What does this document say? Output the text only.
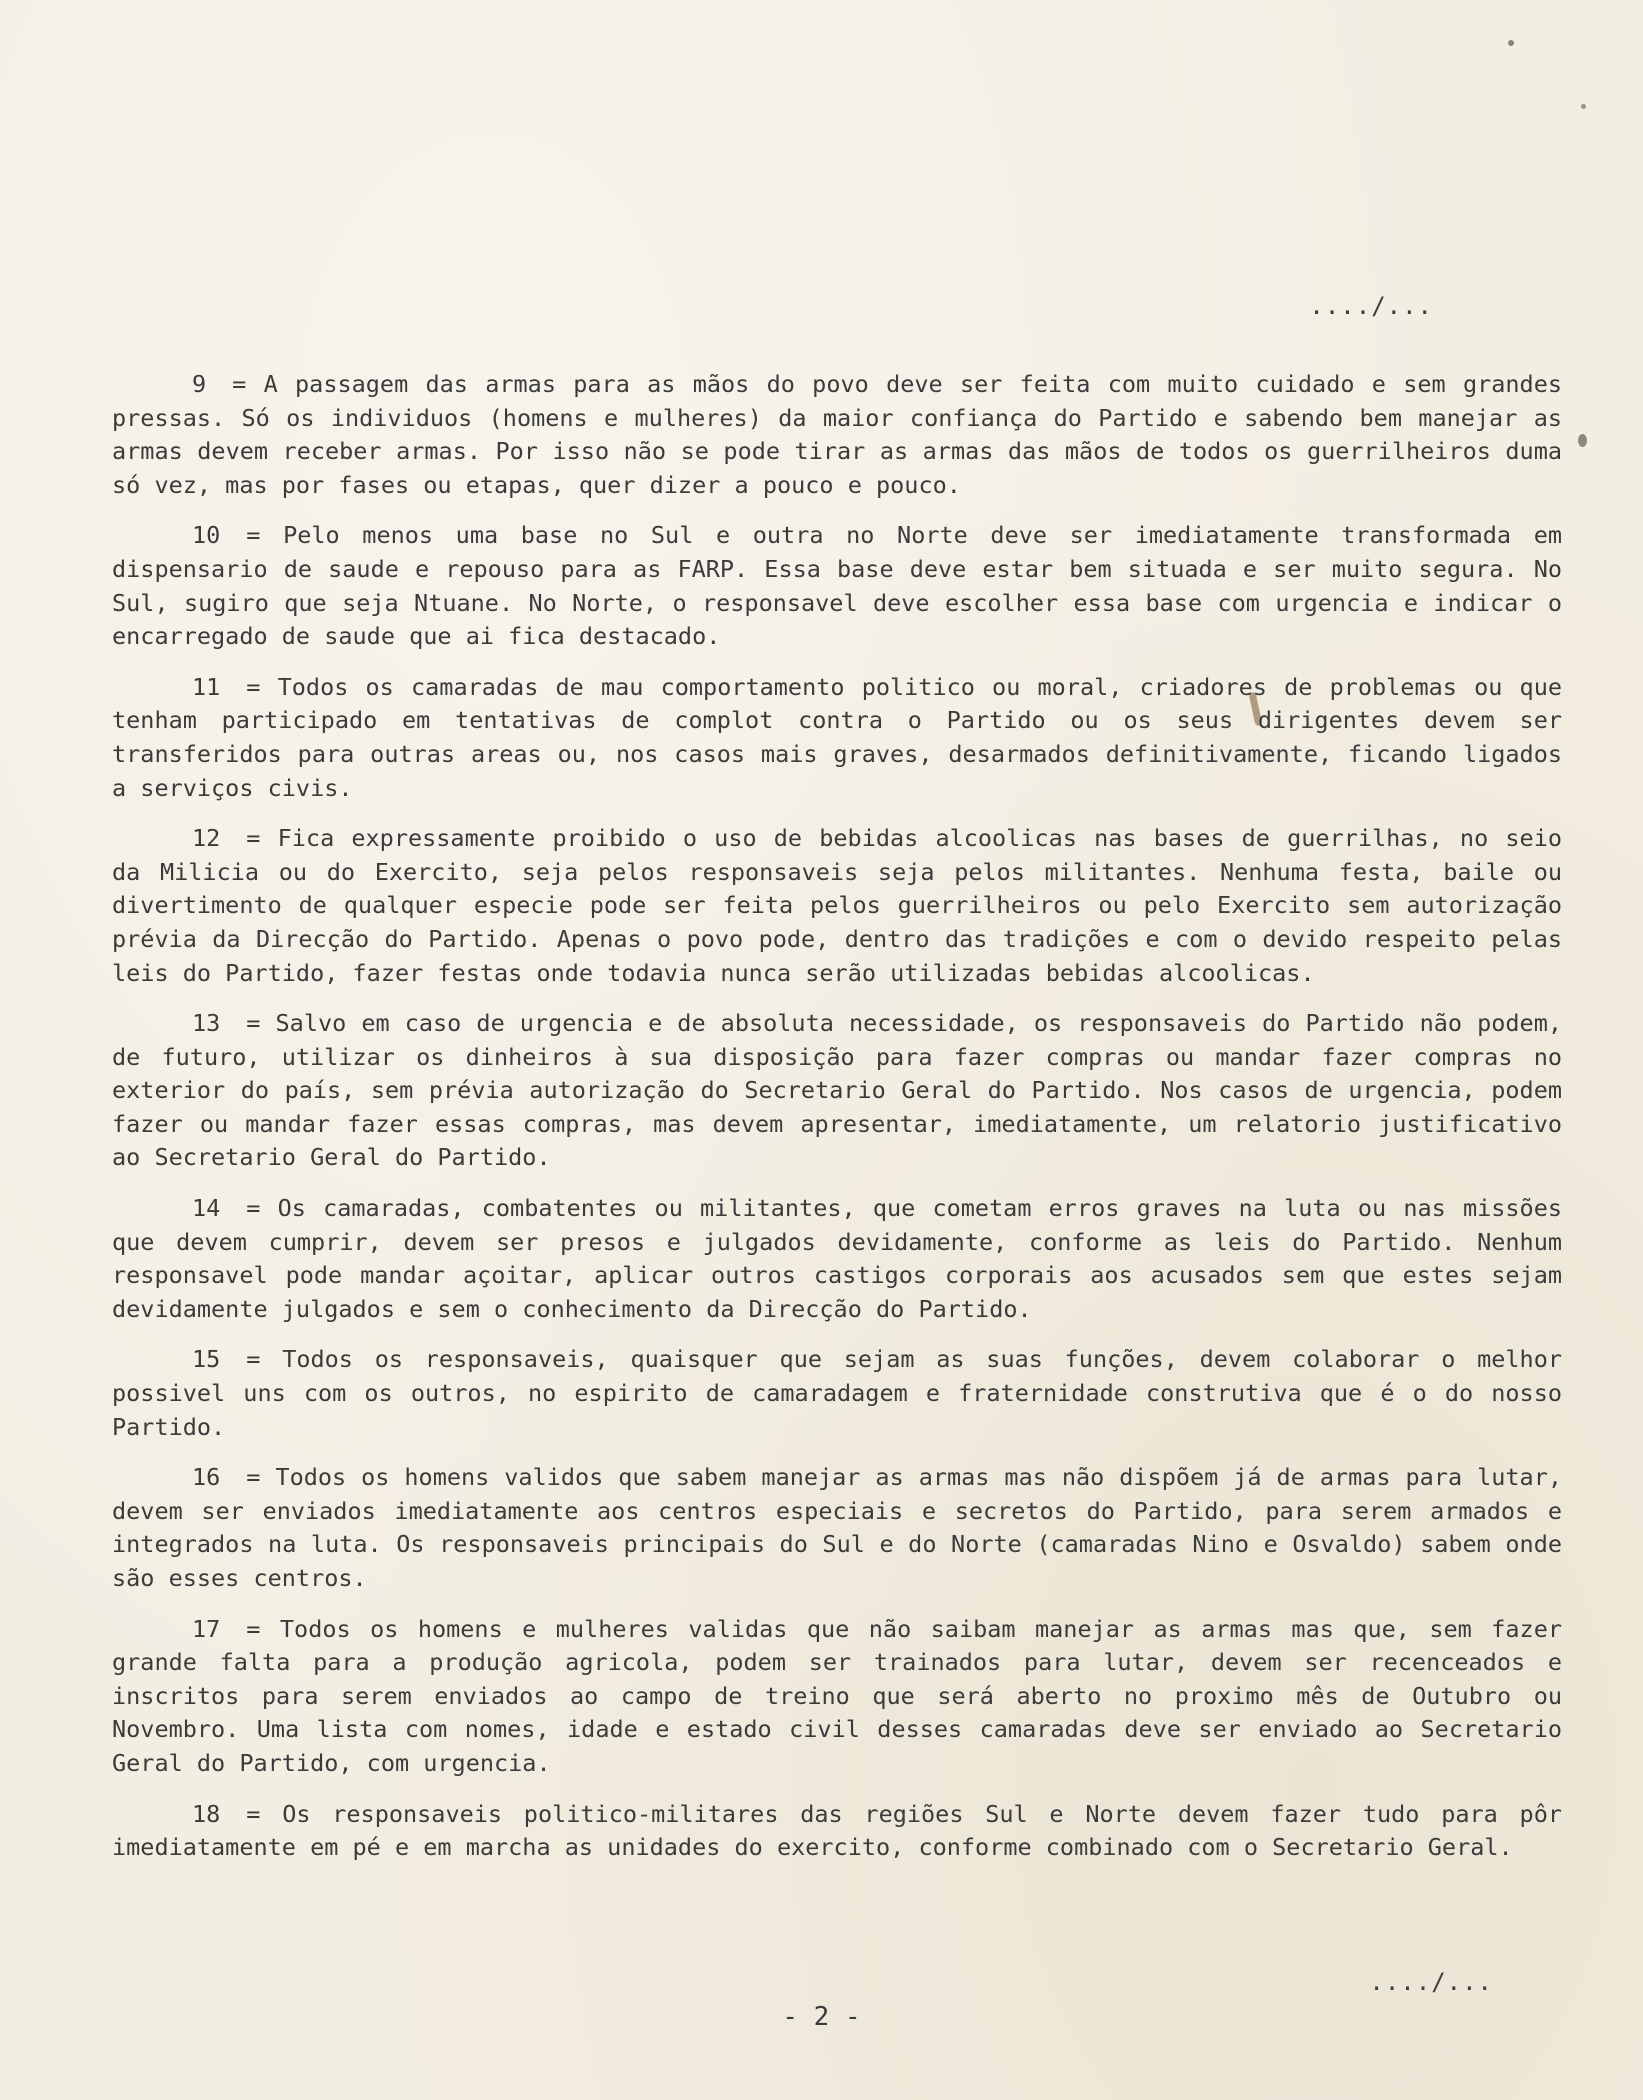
..../...

9 = A passagem das armas para as mãos do povo deve ser feita com muito cuidado e sem grandes pressas. Só os individuos (homens e mulheres) da maior confiança do Partido e sabendo bem manejar as armas devem receber armas. Por isso não se pode tirar as armas das mãos de todos os guerrilheiros duma só vez, mas por fases ou etapas, quer dizer a pouco e pouco.

10 = Pelo menos uma base no Sul e outra no Norte deve ser imediatamente transformada em dispensario de saude e repouso para as FARP. Essa base deve estar bem situada e ser muito segura. No Sul, sugiro que seja Ntuane. No Norte, o responsavel deve escolher essa base com urgencia e indicar o encarregado de saude que ai fica destacado.

11 = Todos os camaradas de mau comportamento politico ou moral, criadores de problemas ou que tenham participado em tentativas de complot contra o Partido ou os seus dirigentes devem ser transferidos para outras areas ou, nos casos mais graves, desarmados definitivamente, ficando ligados a serviços civis.

12 = Fica expressamente proibido o uso de bebidas alcoolicas nas bases de guerrilhas, no seio da Milicia ou do Exercito, seja pelos responsaveis seja pelos militantes. Nenhuma festa, baile ou divertimento de qualquer especie pode ser feita pelos guerrilheiros ou pelo Exercito sem autorização prévia da Direcção do Partido. Apenas o povo pode, dentro das tradições e com o devido respeito pelas leis do Partido, fazer festas onde todavia nunca serão utilizadas bebidas alcoolicas.

13 = Salvo em caso de urgencia e de absoluta necessidade, os responsaveis do Partido não podem, de futuro, utilizar os dinheiros à sua disposição para fazer compras ou mandar fazer compras no exterior do país, sem prévia autorização do Secretario Geral do Partido. Nos casos de urgencia, podem fazer ou mandar fazer essas compras, mas devem apresentar, imediatamente, um relatorio justificativo ao Secretario Geral do Partido.

14 = Os camaradas, combatentes ou militantes, que cometam erros graves na luta ou nas missões que devem cumprir, devem ser presos e julgados devidamente, conforme as leis do Partido. Nenhum responsavel pode mandar açoitar, aplicar outros castigos corporais aos acusados sem que estes sejam devidamente julgados e sem o conhecimento da Direcção do Partido.

15 = Todos os responsaveis, quaisquer que sejam as suas funções, devem colaborar o melhor possivel uns com os outros, no espirito de camaradagem e fraternidade construtiva que é o do nosso Partido.

16 = Todos os homens validos que sabem manejar as armas mas não dispõem já de armas para lutar, devem ser enviados imediatamente aos centros especiais e secretos do Partido, para serem armados e integrados na luta. Os responsaveis principais do Sul e do Norte (camaradas Nino e Osvaldo) sabem onde são esses centros.

17 = Todos os homens e mulheres validas que não saibam manejar as armas mas que, sem fazer grande falta para a produção agricola, podem ser trainados para lutar, devem ser recenceados e inscritos para serem enviados ao campo de treino que será aberto no proximo mês de Outubro ou Novembro. Uma lista com nomes, idade e estado civil desses camaradas deve ser enviado ao Secretario Geral do Partido, com urgencia.

18 = Os responsaveis politico-militares das regiões Sul e Norte devem fazer tudo para pôr imediatamente em pé e em marcha as unidades do exercito, conforme combinado com o Secretario Geral.

..../...
- 2 -
